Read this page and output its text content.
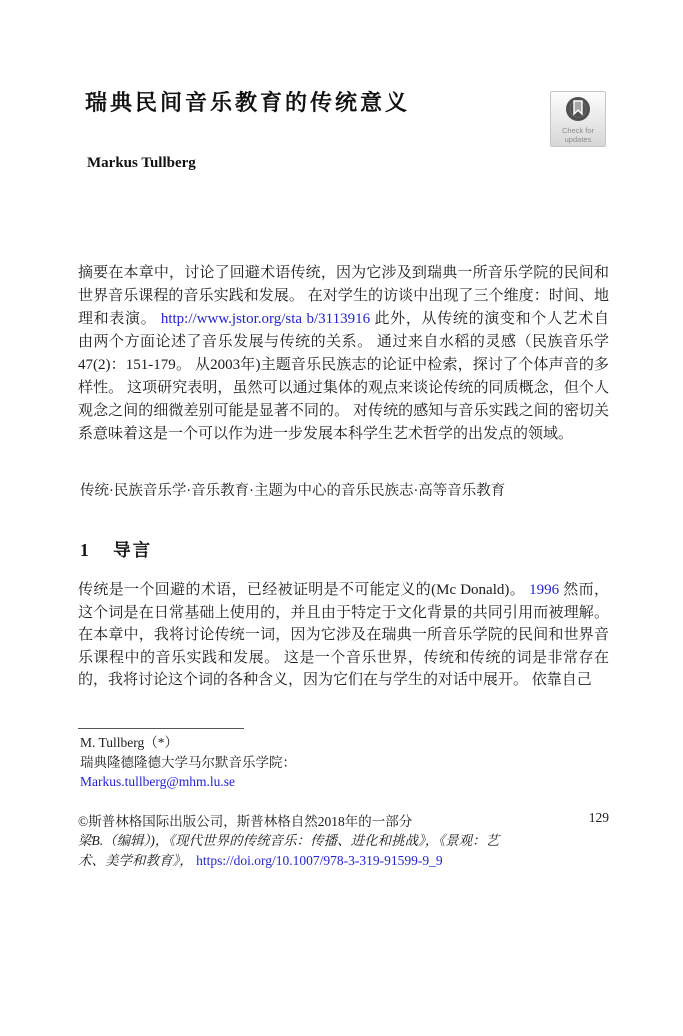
瑞典民间音乐教育的传统意义
Check for
updates
Markus Tullberg
摘要在本章中，讨论了回避术语传统，因为它涉及到瑞典一所音乐学院的民间和世界音乐课程的音乐实践和发展。 在对学生的访谈中出现了三个维度：时间、地理和表演。 http://www.jstor.org/sta b/3113916 此外，从传统的演变和个人艺术自由两个方面论述了音乐发展与传统的关系。 通过来自水稻的灵感（民族音乐学47(2)：151-179。 从2003年)主题音乐民族志的论证中检索，探讨了个体声音的多样性。 这项研究表明，虽然可以通过集体的观点来谈论传统的同质概念，但个人观念之间的细微差别可能是显著不同的。 对传统的感知与音乐实践之间的密切关系意味着这是一个可以作为进一步发展本科学生艺术哲学的出发点的领域。
传统·民族音乐学·音乐教育·主题为中心的音乐民族志·高等音乐教育
1 导言
传统是一个回避的术语，已经被证明是不可能定义的(Mc Donald)。 1996 然而，这个词是在日常基础上使用的，并且由于特定于文化背景的共同引用而被理解。 在本章中，我将讨论传统一词，因为它涉及在瑞典一所音乐学院的民间和世界音乐课程中的音乐实践和发展。 这是一个音乐世界，传统和传统的词是非常存在的，我将讨论这个词的各种含义，因为它们在与学生的对话中展开。 依靠自己
M. Tullberg（*）
瑞典隆德隆德大学马尔默音乐学院：
Markus.tullberg@mhm.lu.se
©斯普林格国际出版公司，斯普林格自然2018年的一部分	129
梁B.（编辑）)，《现代世界的传统音乐：传播、进化和挑战》，《景观：艺术、美学和教育》， https://doi.org/10.1007/978-3-319-91599-9_9
